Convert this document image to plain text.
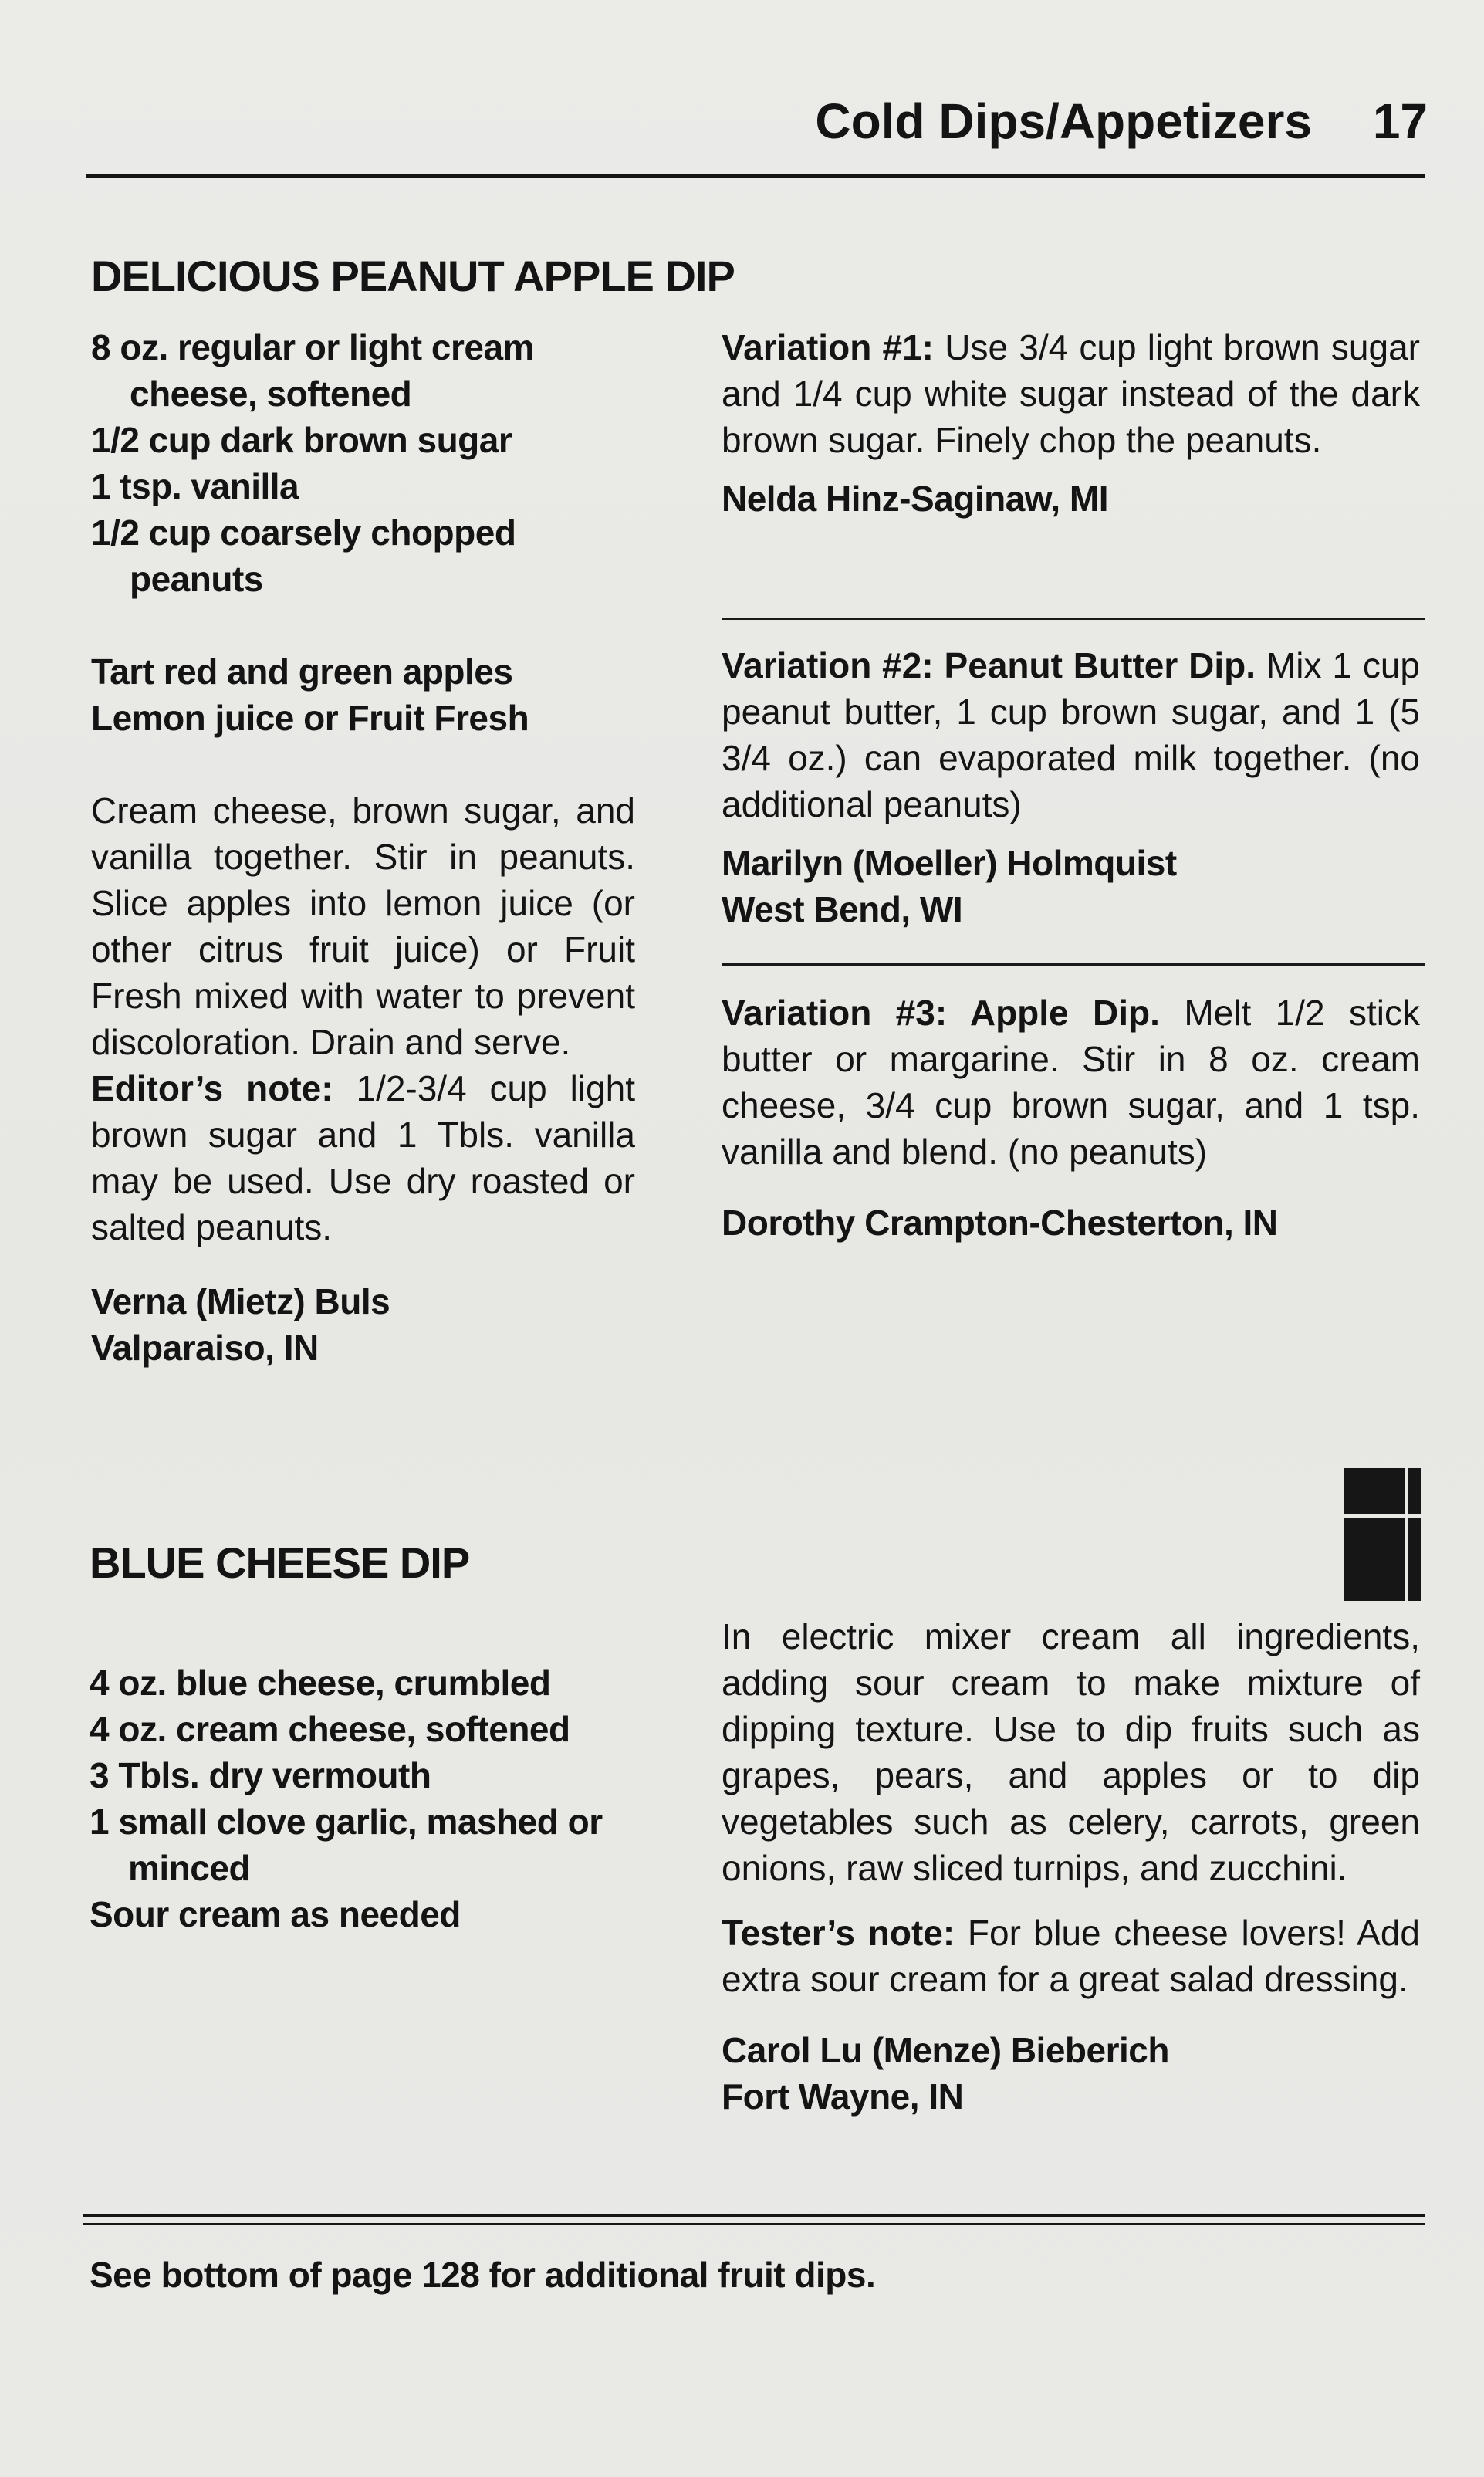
Cold Dips/Appetizers 17
DELICIOUS PEANUT APPLE DIP
8 oz. regular or light cream cheese, softened
1/2 cup dark brown sugar
1 tsp. vanilla
1/2 cup coarsely chopped peanuts
Tart red and green apples
Lemon juice or Fruit Fresh
Cream cheese, brown sugar, and vanilla together. Stir in peanuts. Slice apples into lemon juice (or other citrus fruit juice) or Fruit Fresh mixed with water to prevent discoloration. Drain and serve.
Editor’s note: 1/2-3/4 cup light brown sugar and 1 Tbls. vanilla may be used. Use dry roasted or salted peanuts.
Verna (Mietz) Buls
Valparaiso, IN
Variation #1: Use 3/4 cup light brown sugar and 1/4 cup white sugar instead of the dark brown sugar. Finely chop the peanuts.
Nelda Hinz-Saginaw, MI
Variation #2: Peanut Butter Dip. Mix 1 cup peanut butter, 1 cup brown sugar, and 1 (5 3/4 oz.) can evaporated milk together. (no additional peanuts)
Marilyn (Moeller) Holmquist
West Bend, WI
Variation #3: Apple Dip. Melt 1/2 stick butter or margarine. Stir in 8 oz. cream cheese, 3/4 cup brown sugar, and 1 tsp. vanilla and blend. (no peanuts)
Dorothy Crampton-Chesterton, IN
BLUE CHEESE DIP
4 oz. blue cheese, crumbled
4 oz. cream cheese, softened
3 Tbls. dry vermouth
1 small clove garlic, mashed or minced
Sour cream as needed
In electric mixer cream all ingredients, adding sour cream to make mixture of dipping texture. Use to dip fruits such as grapes, pears, and apples or to dip vegetables such as celery, carrots, green onions, raw sliced turnips, and zucchini.
Tester’s note: For blue cheese lovers! Add extra sour cream for a great salad dressing.
Carol Lu (Menze) Bieberich
Fort Wayne, IN
See bottom of page 128 for additional fruit dips.
